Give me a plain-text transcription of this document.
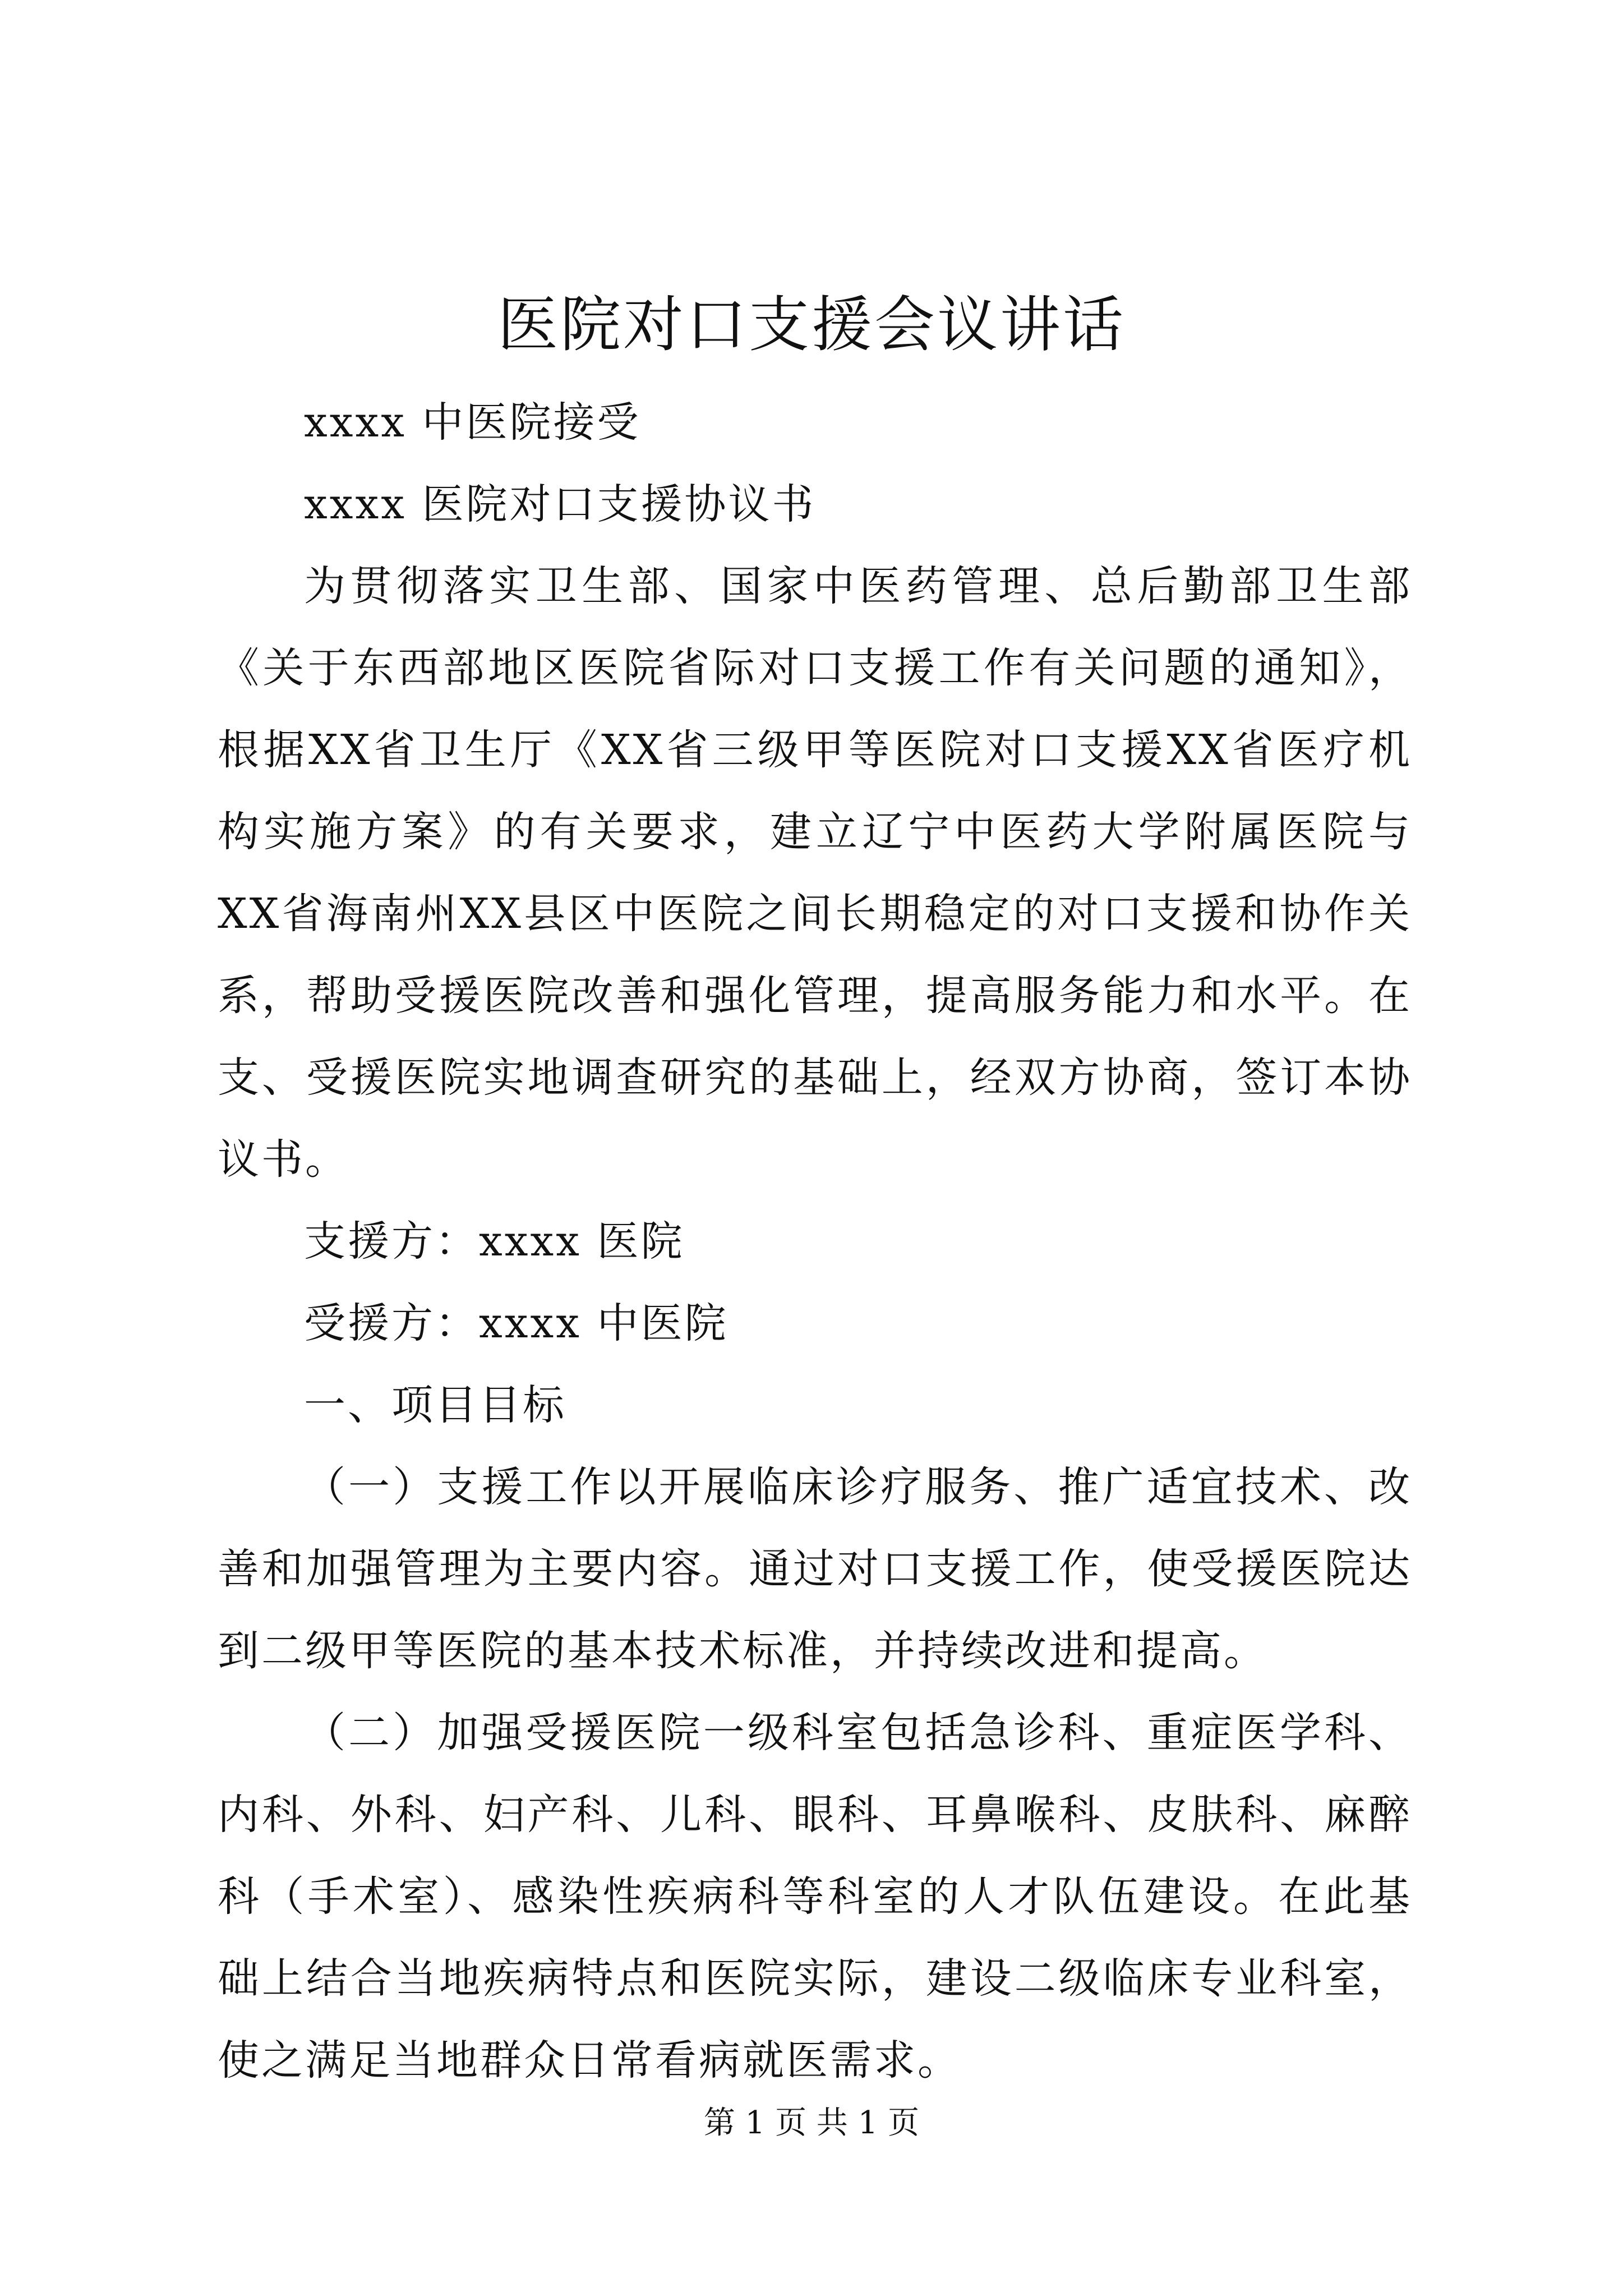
医院对口支援会议讲话

xxxx 中医院接受

xxxx 医院对口支援协议书

为贯彻落实卫生部、国家中医药管理、总后勤部卫生部《关于东西部地区医院省际对口支援工作有关问题的通知》，根据XX省卫生厅《XX省三级甲等医院对口支援XX省医疗机构实施方案》的有关要求，建立辽宁中医药大学附属医院与XX省海南州XX县区中医院之间长期稳定的对口支援和协作关系，帮助受援医院改善和强化管理，提高服务能力和水平。在支、受援医院实地调查研究的基础上，经双方协商，签订本协议书。

支援方：xxxx 医院

受援方：xxxx 中医院

一、项目目标

（一）支援工作以开展临床诊疗服务、推广适宜技术、改善和加强管理为主要内容。通过对口支援工作，使受援医院达到二级甲等医院的基本技术标准，并持续改进和提高。

（二）加强受援医院一级科室包括急诊科、重症医学科、内科、外科、妇产科、儿科、眼科、耳鼻喉科、皮肤科、麻醉科（手术室）、感染性疾病科等科室的人才队伍建设。在此基础上结合当地疾病特点和医院实际，建设二级临床专业科室，使之满足当地群众日常看病就医需求。

第 1 页 共 1 页
